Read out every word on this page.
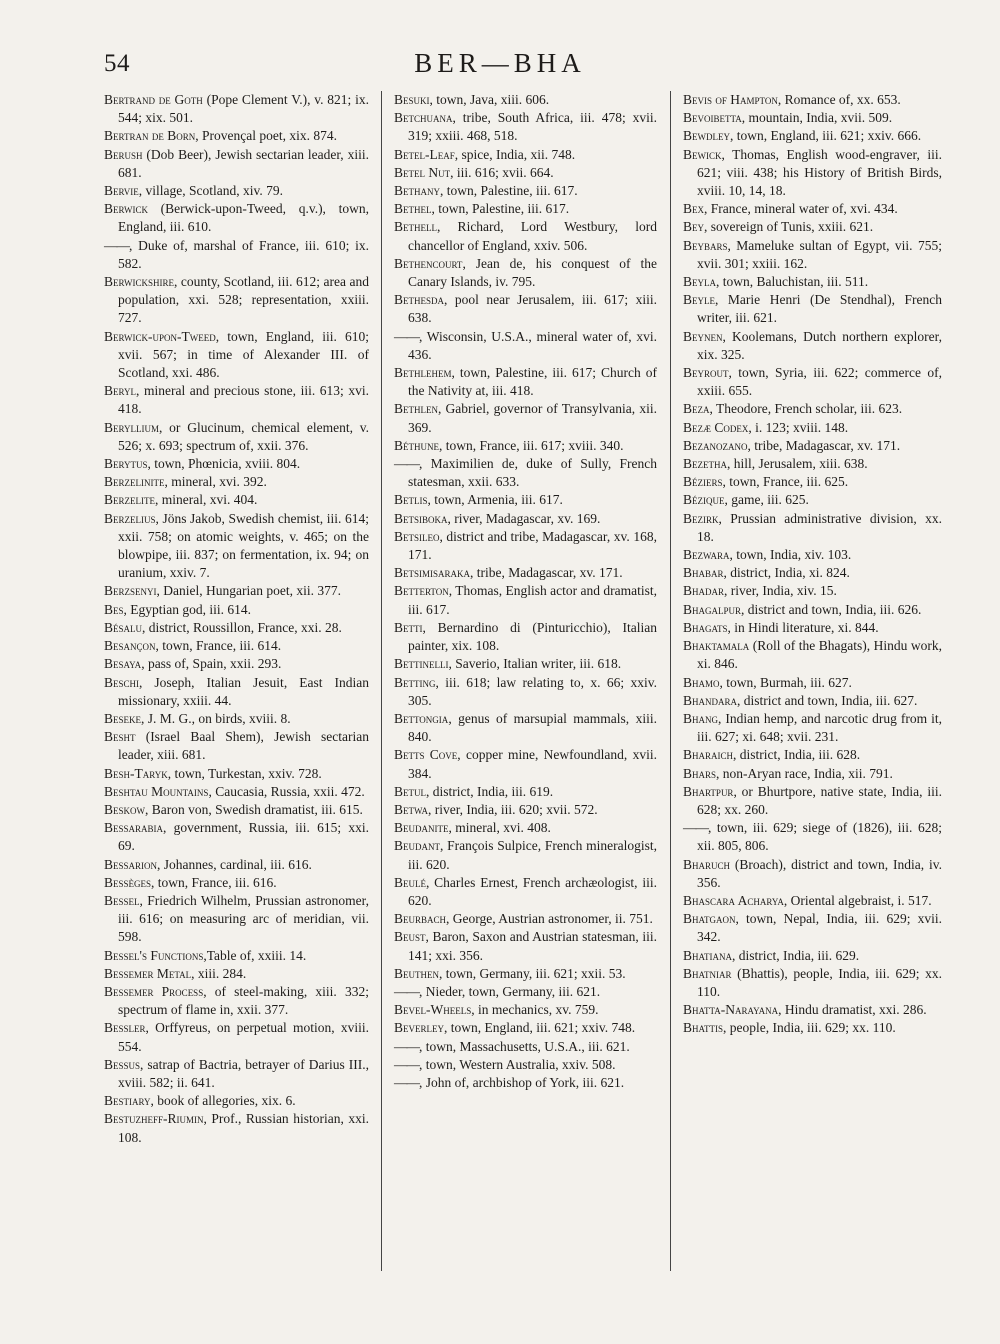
54	BER—BHA
Bertrand de Goth (Pope Clement V.), v. 821; ix. 544; xix. 501.
Bertran de Born, Provençal poet, xix. 874.
Berush (Dob Beer), Jewish sectarian leader, xiii. 681.
Bervie, village, Scotland, xiv. 79.
Berwick (Berwick-upon-Tweed, q.v.), town, England, iii. 610.
——, Duke of, marshal of France, iii. 610; ix. 582.
Berwickshire, county, Scotland, iii. 612; area and population, xxi. 528; representation, xxiii. 727.
Berwick-upon-Tweed, town, England, iii. 610; xvii. 567; in time of Alexander III. of Scotland, xxi. 486.
Beryl, mineral and precious stone, iii. 613; xvi. 418.
Beryllium, or Glucinum, chemical element, v. 526; x. 693; spectrum of, xxii. 376.
Berytus, town, Phœnicia, xviii. 804.
Berzelinite, mineral, xvi. 392.
Berzelite, mineral, xvi. 404.
Berzelius, Jöns Jakob, Swedish chemist, iii. 614; xxii. 758; on atomic weights, v. 465; on the blowpipe, iii. 837; on fermentation, ix. 94; on uranium, xxiv. 7.
Berzsenyi, Daniel, Hungarian poet, xii. 377.
Bes, Egyptian god, iii. 614.
Bésalu, district, Roussillon, France, xxi. 28.
Besançon, town, France, iii. 614.
Besaya, pass of, Spain, xxii. 293.
Beschi, Joseph, Italian Jesuit, East Indian missionary, xxiii. 44.
Beseke, J. M. G., on birds, xviii. 8.
Besht (Israel Baal Shem), Jewish sectarian leader, xiii. 681.
Besh-Taryk, town, Turkestan, xxiv. 728.
Beshtau Mountains, Caucasia, Russia, xxii. 472.
Beskow, Baron von, Swedish dramatist, iii. 615.
Bessarabia, government, Russia, iii. 615; xxi. 69.
Bessarion, Johannes, cardinal, iii. 616.
Bessèges, town, France, iii. 616.
Bessel, Friedrich Wilhelm, Prussian astronomer, iii. 616; on measuring arc of meridian, vii. 598.
Bessel's Functions,Table of, xxiii. 14.
Bessemer Metal, xiii. 284.
Bessemer Process, of steel-making, xiii. 332; spectrum of flame in, xxii. 377.
Bessler, Orffyreus, on perpetual motion, xviii. 554.
Bessus, satrap of Bactria, betrayer of Darius III., xviii. 582; ii. 641.
Bestiary, book of allegories, xix. 6.
Bestuzheff-Riumin, Prof., Russian historian, xxi. 108.
Besuki, town, Java, xiii. 606.
Betchuana, tribe, South Africa, iii. 478; xvii. 319; xxiii. 468, 518.
Betel-Leaf, spice, India, xii. 748.
Betel Nut, iii. 616; xvii. 664.
Bethany, town, Palestine, iii. 617.
Bethel, town, Palestine, iii. 617.
Bethell, Richard, Lord Westbury, lord chancellor of England, xxiv. 506.
Bethencourt, Jean de, his conquest of the Canary Islands, iv. 795.
Bethesda, pool near Jerusalem, iii. 617; xiii. 638.
——, Wisconsin, U.S.A., mineral water of, xvi. 436.
Bethlehem, town, Palestine, iii. 617; Church of the Nativity at, iii. 418.
Bethlen, Gabriel, governor of Transylvania, xii. 369.
Béthune, town, France, iii. 617; xviii. 340.
——, Maximilien de, duke of Sully, French statesman, xxii. 633.
Betlis, town, Armenia, iii. 617.
Betsiboka, river, Madagascar, xv. 169.
Betsileo, district and tribe, Madagascar, xv. 168, 171.
Betsimisaraka, tribe, Madagascar, xv. 171.
Betterton, Thomas, English actor and dramatist, iii. 617.
Betti, Bernardino di (Pinturicchio), Italian painter, xix. 108.
Bettinelli, Saverio, Italian writer, iii. 618.
Betting, iii. 618; law relating to, x. 66; xxiv. 305.
Bettongia, genus of marsupial mammals, xiii. 840.
Betts Cove, copper mine, Newfoundland, xvii. 384.
Betul, district, India, iii. 619.
Betwa, river, India, iii. 620; xvii. 572.
Beudanite, mineral, xvi. 408.
Beudant, François Sulpice, French mineralogist, iii. 620.
Beulé, Charles Ernest, French archæologist, iii. 620.
Beurbach, George, Austrian astronomer, ii. 751.
Beust, Baron, Saxon and Austrian statesman, iii. 141; xxi. 356.
Beuthen, town, Germany, iii. 621; xxii. 53.
——, Nieder, town, Germany, iii. 621.
Bevel-Wheels, in mechanics, xv. 759.
Beverley, town, England, iii. 621; xxiv. 748.
——, town, Massachusetts, U.S.A., iii. 621.
——, town, Western Australia, xxiv. 508.
——, John of, archbishop of York, iii. 621.
Bevis of Hampton, Romance of, xx. 653.
Bevoibetta, mountain, India, xvii. 509.
Bewdley, town, England, iii. 621; xxiv. 666.
Bewick, Thomas, English wood-engraver, iii. 621; viii. 438; his History of British Birds, xviii. 10, 14, 18.
Bex, France, mineral water of, xvi. 434.
Bey, sovereign of Tunis, xxiii. 621.
Beybars, Mameluke sultan of Egypt, vii. 755; xvii. 301; xxiii. 162.
Beyla, town, Baluchistan, iii. 511.
Beyle, Marie Henri (De Stendhal), French writer, iii. 621.
Beynen, Koolemans, Dutch northern explorer, xix. 325.
Beyrout, town, Syria, iii. 622; commerce of, xxiii. 655.
Beza, Theodore, French scholar, iii. 623.
Bezæ Codex, i. 123; xviii. 148.
Bezanozano, tribe, Madagascar, xv. 171.
Bezetha, hill, Jerusalem, xiii. 638.
Béziers, town, France, iii. 625.
Bézique, game, iii. 625.
Bezirk, Prussian administrative division, xx. 18.
Bezwara, town, India, xiv. 103.
Bhabar, district, India, xi. 824.
Bhadar, river, India, xiv. 15.
Bhagalpur, district and town, India, iii. 626.
Bhagats, in Hindi literature, xi. 844.
Bhaktamala (Roll of the Bhagats), Hindu work, xi. 846.
Bhamo, town, Burmah, iii. 627.
Bhandara, district and town, India, iii. 627.
Bhang, Indian hemp, and narcotic drug from it, iii. 627; xi. 648; xvii. 231.
Bharaich, district, India, iii. 628.
Bhars, non-Aryan race, India, xii. 791.
Bhartpur, or Bhurtpore, native state, India, iii. 628; xx. 260.
——, town, iii. 629; siege of (1826), iii. 628; xii. 805, 806.
Bharuch (Broach), district and town, India, iv. 356.
Bhascara Acharya, Oriental algebraist, i. 517.
Bhatgaon, town, Nepal, India, iii. 629; xvii. 342.
Bhatiana, district, India, iii. 629.
Bhatniar (Bhattis), people, India, iii. 629; xx. 110.
Bhatta-Narayana, Hindu dramatist, xxi. 286.
Bhattis, people, India, iii. 629; xx. 110.
